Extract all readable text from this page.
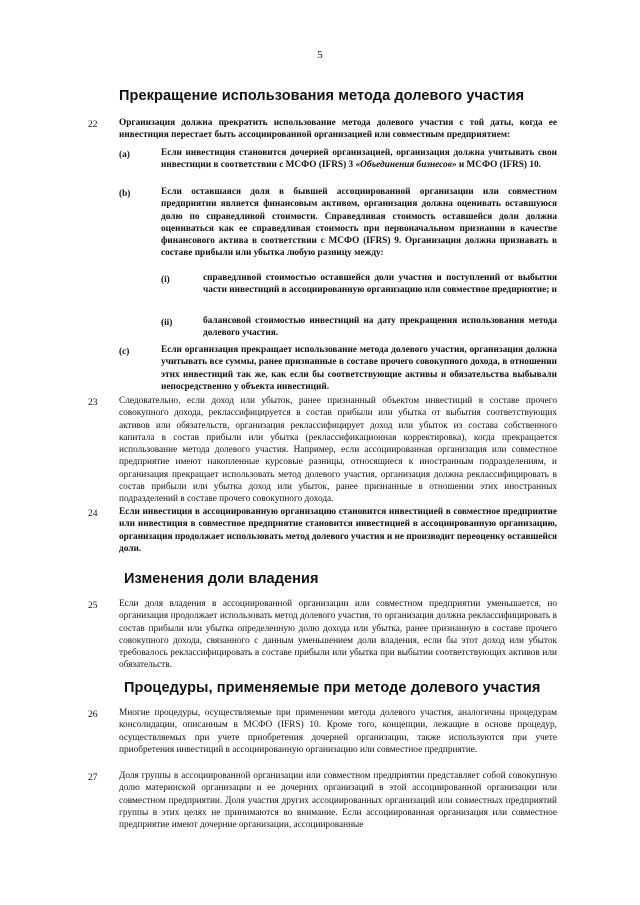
5
Прекращение использования метода долевого участия
22 Организация должна прекратить использование метода долевого участия с той даты, когда ее инвестиция перестает быть ассоциированной организацией или совместным предприятием:

(a)	Если инвестиция становится дочерней организацией, организация должна учитывать свои инвестиции в соответствии с МСФО (IFRS) 3 «Объединения бизнесов» и МСФО (IFRS) 10.

(b)	Если оставшаяся доля в бывшей ассоциированной организации или совместном предприятии является финансовым активом, организация должна оценивать оставшуюся долю по справедливой стоимости. Справедливая стоимость оставшейся доли должна оцениваться как ее справедливая стоимость при первоначальном признании в качестве финансового актива в соответствии с МСФО (IFRS) 9. Организация должна признавать в составе прибыли или убытка любую разницу между:

(i)	справедливой стоимостью оставшейся доли участия и поступлений от выбытия части инвестиций в ассоциированную организацию или совместное предприятие; и

(ii)	балансовой стоимостью инвестиций на дату прекращения использования метода долевого участия.

(c)	Если организация прекращает использование метода долевого участия, организация должна учитывать все суммы, ранее признанные в составе прочего совокупного дохода, в отношении этих инвестиций так же, как если бы соответствующие активы и обязательства выбывали непосредственно у объекта инвестиций.

23 Следовательно, если доход или убыток, ранее признанный объектом инвестиций в составе прочего совокупного дохода, реклассифицируется в состав прибыли или убытка от выбытия соответствующих активов или обязательств, организация реклассифицирует доход или убыток из состава собственного капитала в состав прибыли или убытка (реклассификационная корректировка), когда прекращается использование метода долевого участия. Например, если ассоциированная организация или совместное предприятие имеют накопленные курсовые разницы, относящиеся к иностранным подразделениям, и организация прекращает использовать метод долевого участия, организация должна реклассифицировать в состав прибыли или убытка доход или убыток, ранее признанные в отношении этих иностранных подразделений в составе прочего совокупного дохода.

24 Если инвестиция в ассоциированную организацию становится инвестицией в совместное предприятие или инвестиция в совместное предприятие становится инвестицией в ассоциированную организацию, организация продолжает использовать метод долевого участия и не производит переоценку оставшейся доли.

Изменения доли владения
25 Если доля владения в ассоциированной организации или совместном предприятии уменьшается, но организация продолжает использовать метод долевого участия, то организация должна реклассифицировать в состав прибыли или убытка определенную долю дохода или убытка, ранее признанную в составе прочего совокупного дохода, связанного с данным уменьшением доли владения, если бы этот доход или убыток требовалось реклассифицировать в составе прибыли или убытка при выбытии соответствующих активов или обязательств.

Процедуры, применяемые при методе долевого участия
26 Многие процедуры, осуществляемые при применении метода долевого участия, аналогичны процедурам консолидации, описанным в МСФО (IFRS) 10. Кроме того, концепции, лежащие в основе процедур, осуществляемых при учете приобретения дочерней организации, также используются при учете приобретения инвестиций в ассоциированную организацию или совместное предприятие.

27 Доля группы в ассоциированной организации или совместном предприятии представляет собой совокупную долю материнской организации и ее дочерних организаций в этой ассоциированной организации или совместном предприятии. Доля участия других ассоциированных организаций или совместных предприятий группы в этих целях не принимаются во внимание. Если ассоциированная организация или совместное предприятие имеют дочерние организации, ассоциированные
